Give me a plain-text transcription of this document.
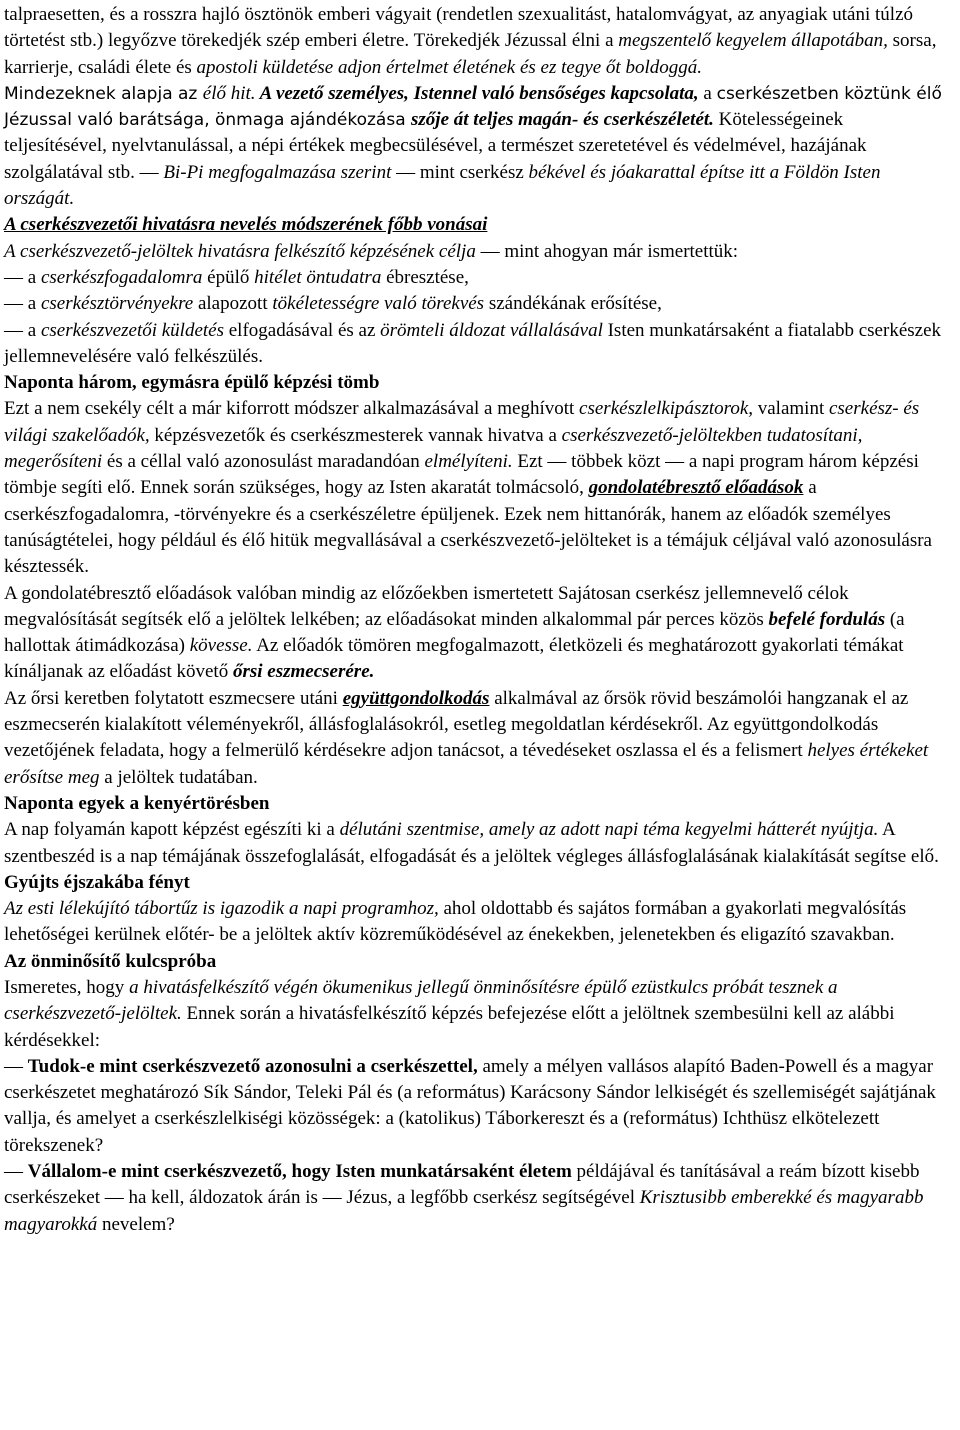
talpraesetten, és a rosszra hajló ösztönök emberi vágyait (rendetlen szexualitást, hatalomvágyat, az anyagiak utáni túlzó törtetést stb.) legyőzve törekedjék szép emberi életre. Törekedjék Jézussal élni a megszentelő kegyelem állapotában, sorsa, karrierje, családi élete és apostoli küldetése adjon értelmet életének és ez tegye őt boldoggá.

Mindezeknek alapja az élő hit. A vezető személyes, Istennel való bensőséges kapcsolata, a cserkészetben köztünk élő Jézussal való barátsága, önmaga ajándékozása szője át teljes magán- és cserkészéletét. Kötelességeinek teljesítésével, nyelvtanulással, a népi értékek megbecsülésével, a természet szeretetével és védelmével, hazájának szolgálatával stb. — Bi-Pi megfogalmazása szerint — mint cserkész békével és jóakarattal építse itt a Földön Isten országát.

A cserkészvezetői hivatásra nevelés módszerének főbb vonásai

A cserkészvezető-jelöltek hivatásra felkészítő képzésének célja — mint ahogyan már ismertettük:

— a cserkészfogadalomra épülő hitélet öntudatra ébresztése,

— a cserkésztörvényekre alapozott tökéletességre való törekvés szándékának erősítése,

— a cserkészvezetői küldetés elfogadásával és az örömteli áldozat vállalásával Isten munkatársaként a fiatalabb cserkészek jellemnevelésére való felkészülés.

Naponta három, egymásra épülő képzési tömb

Ezt a nem csekély célt a már kiforrott módszer alkalmazásával a meghívott cserkészlelkipásztorok, valamint cserkész- és világi szakelőadók, képzésvezetők és cserkészmesterek vannak hivatva a cserkészvezető-jelöltekben tudatosítani, megerősíteni és a céllal való azonosulást maradandóan elmélyíteni. Ezt — többek közt — a napi program három képzési tömbje segíti elő. Ennek során szükséges, hogy az Isten akaratát tolmácsoló, gondolatébresztő előadások a cserkészfogadalomra, -törvényekre és a cserkészéletre épüljenek. Ezek nem hittanórák, hanem az előadók személyes tanúságtételei, hogy például és élő hitük megvallásával a cserkészvezető-jelölteket is a témájuk céljával való azonosulásra késztessék.

A gondolatébresztő előadások valóban mindig az előzőekben ismertetett Sajátosan cserkész jellemnevelő célok megvalósítását segítsék elő a jelöltek lelkében; az előadásokat minden alkalommal pár perces közös befelé fordulás (a hallottak átimádkozása) kövesse. Az előadók tömören megfogalmazott, életközeli és meghatározott gyakorlati témákat kínáljanak az előadást követő őrsi eszmecserére.

Az őrsi keretben folytatott eszmecsere utáni együttgondolkodás alkalmával az őrsök rövid beszámolói hangzanak el az eszmecserén kialakított véleményekről, állásfoglalásokról, esetleg megoldatlan kérdésekről. Az együttgondolkodás vezetőjének feladata, hogy a felmerülő kérdésekre adjon tanácsot, a tévedéseket oszlassa el és a felismert helyes értékeket erősítse meg a jelöltek tudatában.

Naponta egyek a kenyértörésben

A nap folyamán kapott képzést egészíti ki a délutáni szentmise, amely az adott napi téma kegyelmi hátterét nyújtja. A szentbeszéd is a nap témájának összefoglalását, elfogadását és a jelöltek végleges állásfoglalásának kialakítását segítse elő.

Gyújts éjszakába fényt

Az esti lélekújító tábortűz is igazodik a napi programhoz, ahol oldottabb és sajátos formában a gyakorlati megvalósítás lehetőségei kerülnek előtér- be a jelöltek aktív közreműködésével az énekekben, jelenetekben és eligazító szavakban.

Az önminősítő kulcspróba

Ismeretes, hogy a hivatásfelkészítő végén ökumenikus jellegű önminősítésre épülő ezüstkulcs próbát tesznek a cserkészvezető-jelöltek. Ennek során a hivatásfelkészítő képzés befejezése előtt a jelöltnek szembesülni kell az alábbi kérdésekkel:

— Tudok-e mint cserkészvezető azonosulni a cserkészettel, amely a mélyen vallásos alapító Baden-Powell és a magyar cserkészetet meghatározó Sík Sándor, Teleki Pál és (a református) Karácsony Sándor lelkiségét és szellemiségét sajátjának vallja, és amelyet a cserkészlelkiségi közösségek: a (katolikus) Táborkereszt és a (református) Ichthüsz elkötelezett törekszenek?

— Vállalom-e mint cserkészvezető, hogy Isten munkatársaként életem példájával és tanításával a reám bízott kisebb cserkészeket — ha kell, áldozatok árán is — Jézus, a legfőbb cserkész segítségével Krisztusibb emberekké és magyarabb magyarokká nevelem?
